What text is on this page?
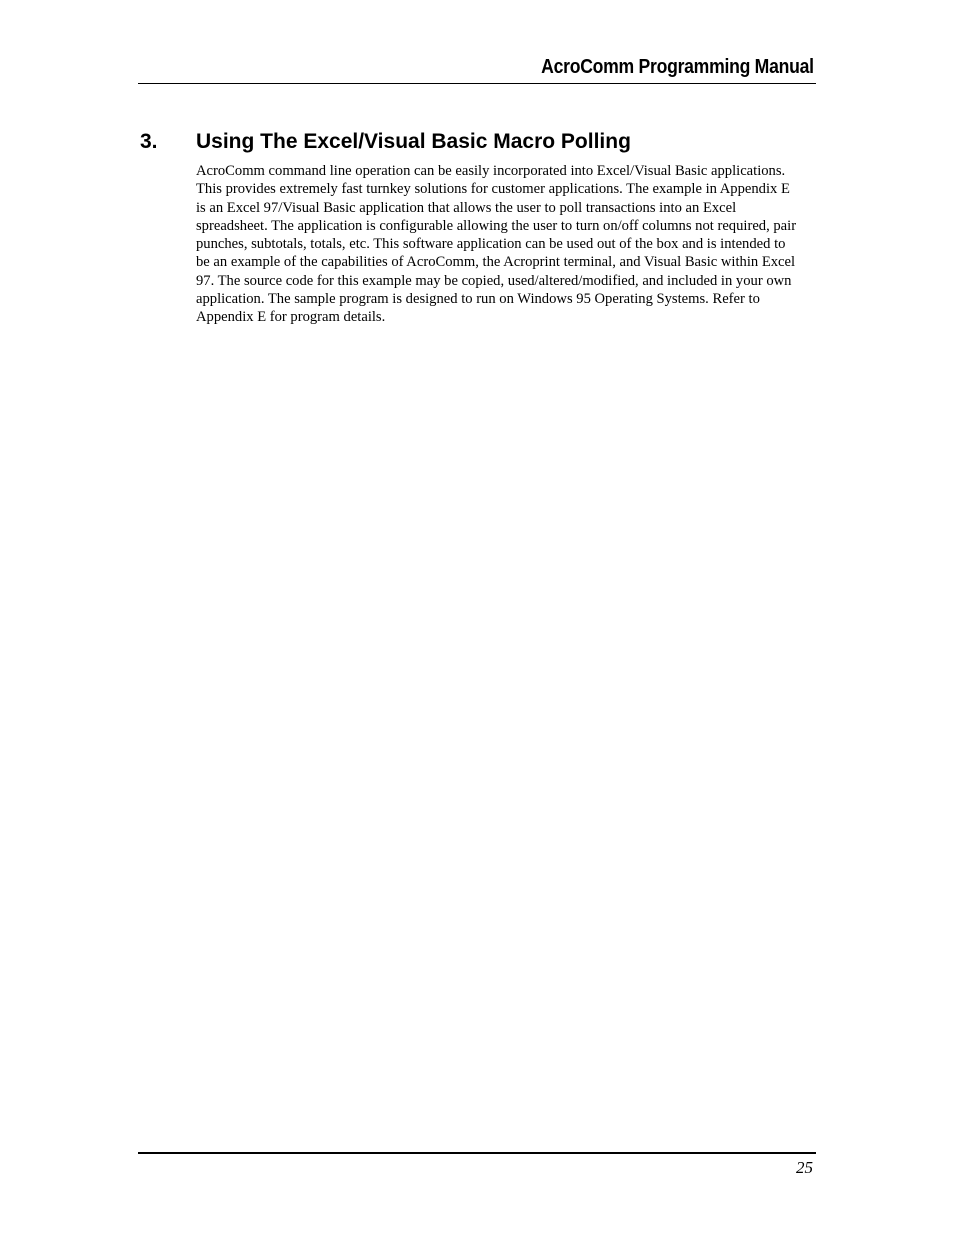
AcroComm Programming Manual
3. Using The Excel/Visual Basic Macro Polling

AcroComm command line operation can be easily incorporated into Excel/Visual Basic applications. This provides extremely fast turnkey solutions for customer applications. The example in Appendix E is an Excel 97/Visual Basic application that allows the user to poll transactions into an Excel spreadsheet. The application is configurable allowing the user to turn on/off columns not required, pair punches, subtotals, totals, etc. This software application can be used out of the box and is intended to be an example of the capabilities of AcroComm, the Acroprint terminal, and Visual Basic within Excel 97. The source code for this example may be copied, used/altered/modified, and included in your own application. The sample program is designed to run on Windows 95 Operating Systems. Refer to Appendix E for program details.

25
